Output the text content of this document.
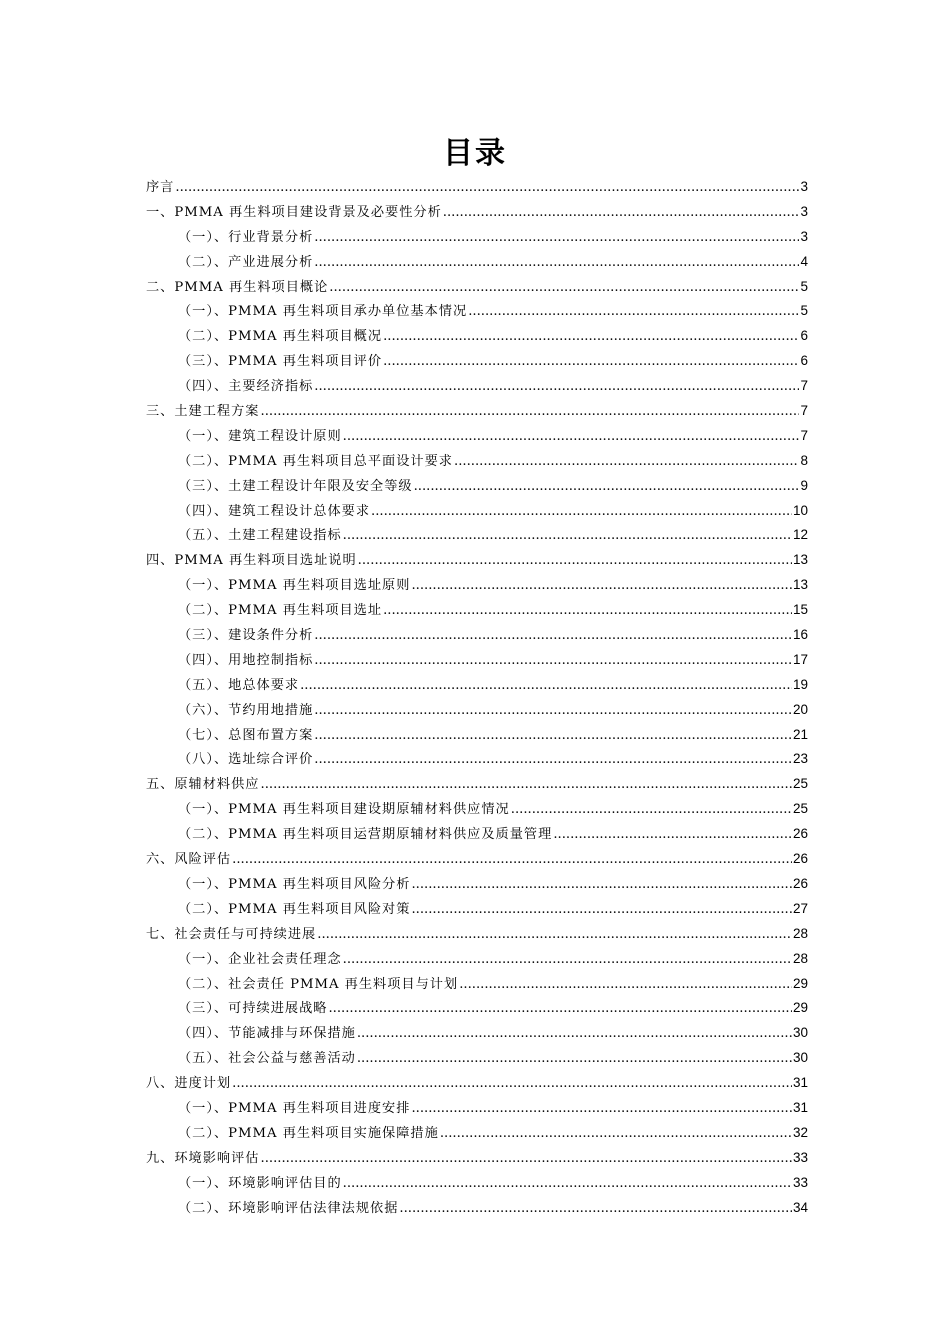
目录
序言 .....	3
一、PMMA 再生料项目建设背景及必要性分析 .....	3
（一）、行业背景分析 .....	3
（二）、产业进展分析 .....	4
二、PMMA 再生料项目概论 .....	5
（一）、PMMA 再生料项目承办单位基本情况 .....	5
（二）、PMMA 再生料项目概况 .....	6
（三）、PMMA 再生料项目评价 .....	6
（四）、主要经济指标 .....	7
三、土建工程方案 .....	7
（一）、建筑工程设计原则 .....	7
（二）、PMMA 再生料项目总平面设计要求 .....	8
（三）、土建工程设计年限及安全等级 .....	9
（四）、建筑工程设计总体要求 .....	10
（五）、土建工程建设指标 .....	12
四、PMMA 再生料项目选址说明 .....	13
（一）、PMMA 再生料项目选址原则 .....	13
（二）、PMMA 再生料项目选址 .....	15
（三）、建设条件分析 .....	16
（四）、用地控制指标 .....	17
（五）、地总体要求 .....	19
（六）、节约用地措施 .....	20
（七）、总图布置方案 .....	21
（八）、选址综合评价 .....	23
五、原辅材料供应 .....	25
（一）、PMMA 再生料项目建设期原辅材料供应情况 .....	25
（二）、PMMA 再生料项目运营期原辅材料供应及质量管理 .....	26
六、风险评估 .....	26
（一）、PMMA 再生料项目风险分析 .....	26
（二）、PMMA 再生料项目风险对策 .....	27
七、社会责任与可持续进展 .....	28
（一）、企业社会责任理念 .....	28
（二）、社会责任 PMMA 再生料项目与计划 .....	29
（三）、可持续进展战略 .....	29
（四）、节能减排与环保措施 .....	30
（五）、社会公益与慈善活动 .....	30
八、进度计划 .....	31
（一）、PMMA 再生料项目进度安排 .....	31
（二）、PMMA 再生料项目实施保障措施 .....	32
九、环境影响评估 .....	33
（一）、环境影响评估目的 .....	33
（二）、环境影响评估法律法规依据 .....	34
